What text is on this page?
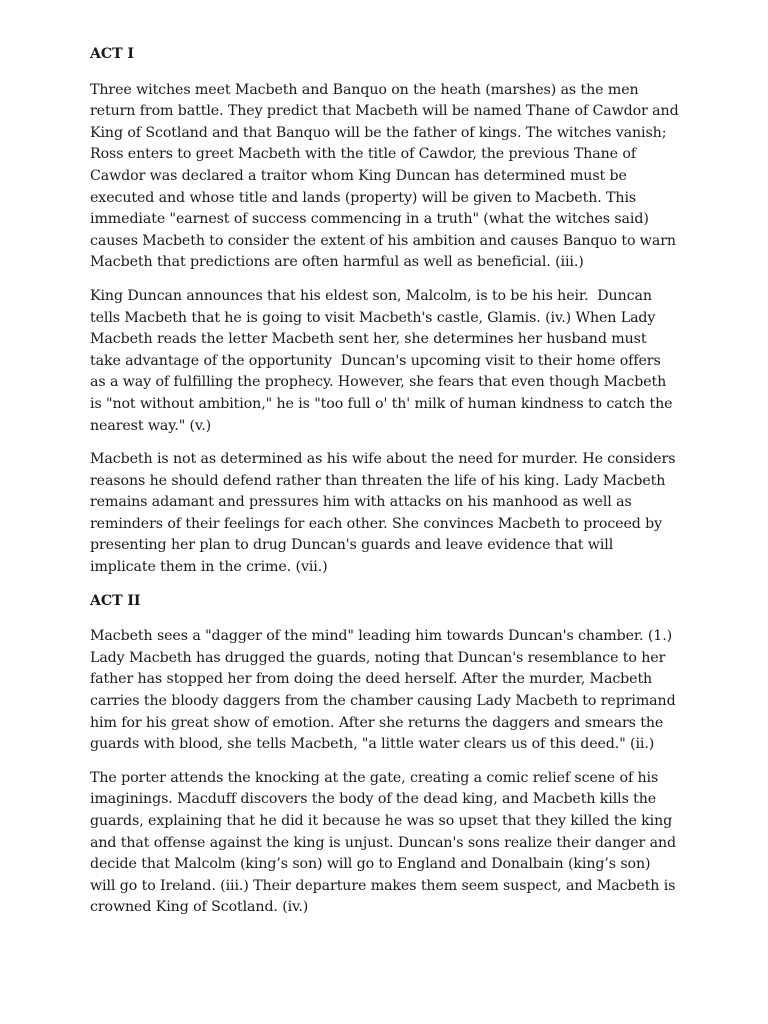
ACT I

Three witches meet Macbeth and Banquo on the heath (marshes) as the men return from battle. They predict that Macbeth will be named Thane of Cawdor and King of Scotland and that Banquo will be the father of kings. The witches vanish; Ross enters to greet Macbeth with the title of Cawdor, the previous Thane of Cawdor was declared a traitor whom King Duncan has determined must be executed and whose title and lands (property) will be given to Macbeth. This immediate "earnest of success commencing in a truth" (what the witches said) causes Macbeth to consider the extent of his ambition and causes Banquo to warn Macbeth that predictions are often harmful as well as beneficial. (iii.)

King Duncan announces that his eldest son, Malcolm, is to be his heir.  Duncan tells Macbeth that he is going to visit Macbeth's castle, Glamis. (iv.) When Lady Macbeth reads the letter Macbeth sent her, she determines her husband must take advantage of the opportunity  Duncan's upcoming visit to their home offers as a way of fulfilling the prophecy. However, she fears that even though Macbeth is "not without ambition," he is "too full o' th' milk of human kindness to catch the nearest way." (v.)

Macbeth is not as determined as his wife about the need for murder. He considers reasons he should defend rather than threaten the life of his king. Lady Macbeth remains adamant and pressures him with attacks on his manhood as well as reminders of their feelings for each other. She convinces Macbeth to proceed by presenting her plan to drug Duncan's guards and leave evidence that will implicate them in the crime. (vii.)

ACT II

Macbeth sees a "dagger of the mind" leading him towards Duncan's chamber. (1.) Lady Macbeth has drugged the guards, noting that Duncan's resemblance to her father has stopped her from doing the deed herself. After the murder, Macbeth carries the bloody daggers from the chamber causing Lady Macbeth to reprimand him for his great show of emotion. After she returns the daggers and smears the guards with blood, she tells Macbeth, "a little water clears us of this deed." (ii.)

The porter attends the knocking at the gate, creating a comic relief scene of his imaginings. Macduff discovers the body of the dead king, and Macbeth kills the guards, explaining that he did it because he was so upset that they killed the king and that offense against the king is unjust. Duncan's sons realize their danger and decide that Malcolm (king’s son) will go to England and Donalbain (king’s son) will go to Ireland. (iii.) Their departure makes them seem suspect, and Macbeth is crowned King of Scotland. (iv.)
